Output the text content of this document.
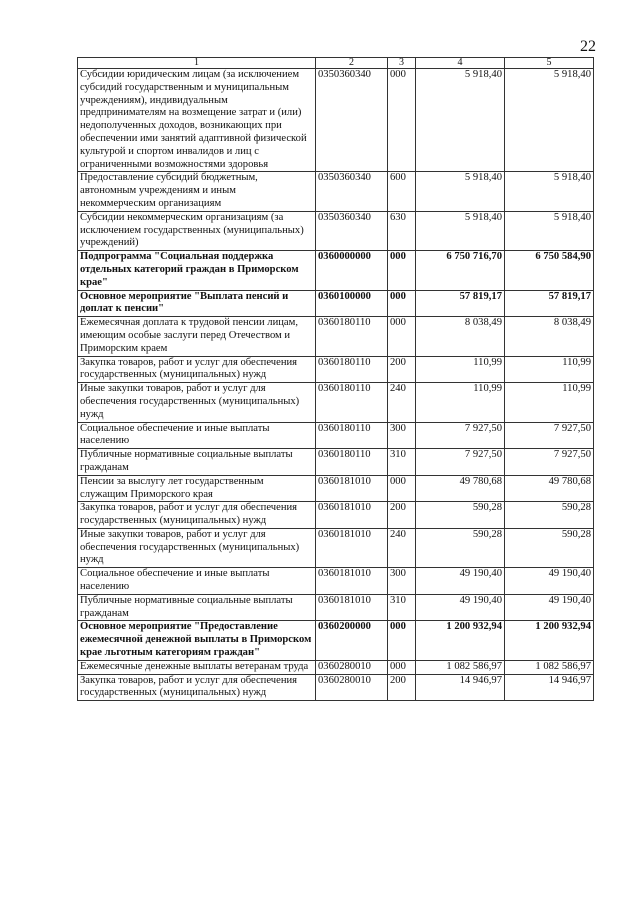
22
1	2	3	4	5
Субсидии юридическим лицам (за исключением субсидий государственным и муниципальным учреждениям), индивидуальным предпринимателям на возмещение затрат и (или) недополученных доходов, возникающих при обеспечении ими занятий адаптивной физической культурой и спортом инвалидов и лиц с ограниченными возможностями здоровья	0350360340	000	5 918,40	5 918,40
Предоставление субсидий бюджетным, автономным учреждениям и иным некоммерческим организациям	0350360340	600	5 918,40	5 918,40
Субсидии некоммерческим организациям (за исключением государственных (муниципальных) учреждений)	0350360340	630	5 918,40	5 918,40
Подпрограмма "Социальная поддержка отдельных категорий граждан в Приморском крае"	0360000000	000	6 750 716,70	6 750 584,90
Основное мероприятие "Выплата пенсий и доплат к пенсии"	0360100000	000	57 819,17	57 819,17
Ежемесячная доплата к трудовой пенсии лицам, имеющим особые заслуги перед Отечеством и Приморским краем	0360180110	000	8 038,49	8 038,49
Закупка товаров, работ и услуг для обеспечения государственных (муниципальных) нужд	0360180110	200	110,99	110,99
Иные закупки товаров, работ и услуг для обеспечения государственных (муниципальных) нужд	0360180110	240	110,99	110,99
Социальное обеспечение и иные выплаты населению	0360180110	300	7 927,50	7 927,50
Публичные нормативные социальные выплаты гражданам	0360180110	310	7 927,50	7 927,50
Пенсии за выслугу лет государственным служащим Приморского края	0360181010	000	49 780,68	49 780,68
Закупка товаров, работ и услуг для обеспечения государственных (муниципальных) нужд	0360181010	200	590,28	590,28
Иные закупки товаров, работ и услуг для обеспечения государственных (муниципальных) нужд	0360181010	240	590,28	590,28
Социальное обеспечение и иные выплаты населению	0360181010	300	49 190,40	49 190,40
Публичные нормативные социальные выплаты гражданам	0360181010	310	49 190,40	49 190,40
Основное мероприятие "Предоставление ежемесячной денежной выплаты в Приморском крае льготным категориям граждан"	0360200000	000	1 200 932,94	1 200 932,94
Ежемесячные денежные выплаты ветеранам труда	0360280010	000	1 082 586,97	1 082 586,97
Закупка товаров, работ и услуг для обеспечения государственных (муниципальных) нужд	0360280010	200	14 946,97	14 946,97
